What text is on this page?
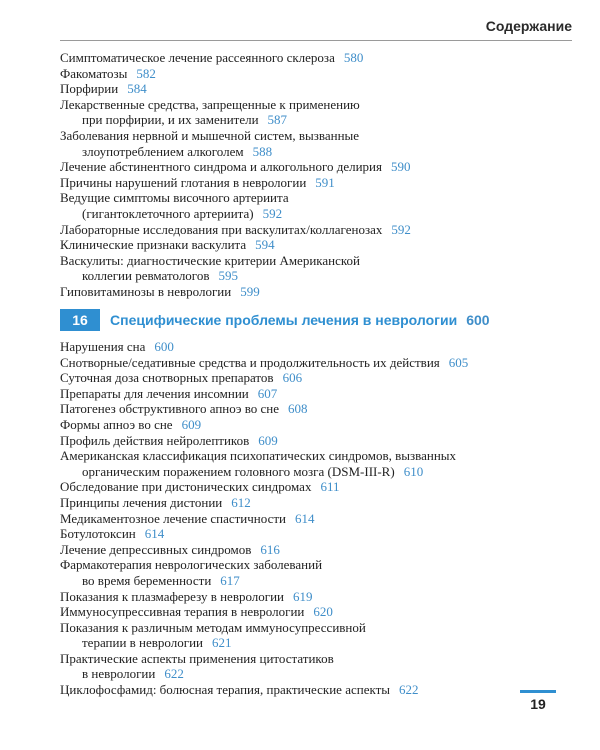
Содержание
Симптоматическое лечение рассеянного склероза 580
Факоматозы 582
Порфирии 584
Лекарственные средства, запрещенные к применению
при порфирии, и их заменители 587
Заболевания нервной и мышечной систем, вызванные
злоупотреблением алкоголем 588
Лечение абстинентного синдрома и алкогольного делирия 590
Причины нарушений глотания в неврологии 591
Ведущие симптомы височного артериита
(гигантоклеточного артериита) 592
Лабораторные исследования при васкулитах/коллагенозах 592
Клинические признаки васкулита 594
Васкулиты: диагностические критерии Американской
коллегии ревматологов 595
Гиповитаминозы в неврологии 599
16	Специфические проблемы лечения в неврологии 600
Нарушения сна 600
Снотворные/седативные средства и продолжительность их действия 605
Суточная доза снотворных препаратов 606
Препараты для лечения инсомнии 607
Патогенез обструктивного апноэ во сне 608
Формы апноэ во сне 609
Профиль действия нейролептиков 609
Американская классификация психопатических синдромов, вызванных
органическим поражением головного мозга (DSM-III-R) 610
Обследование при дистонических синдромах 611
Принципы лечения дистонии 612
Медикаментозное лечение спастичности 614
Ботулотоксин 614
Лечение депрессивных синдромов 616
Фармакотерапия неврологических заболеваний
во время беременности 617
Показания к плазмаферезу в неврологии 619
Иммуносупрессивная терапия в неврологии 620
Показания к различным методам иммуносупрессивной
терапии в неврологии 621
Практические аспекты применения цитостатиков
в неврологии 622
Циклофосфамид: болюсная терапия, практические аспекты 622
19
